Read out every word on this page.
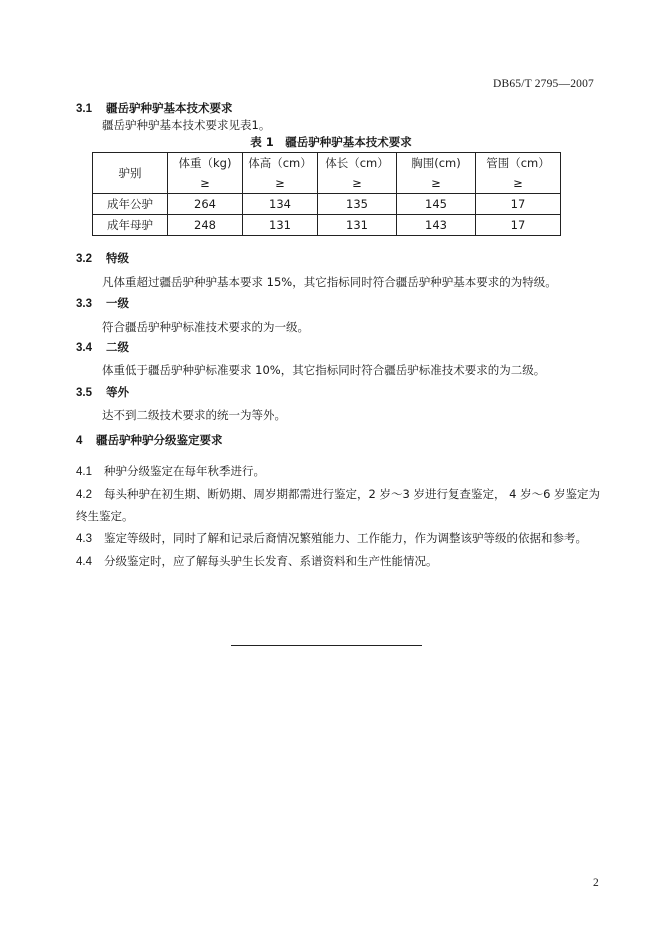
DB65/T 2795—2007
3.1 疆岳驴种驴基本技术要求
疆岳驴种驴基本技术要求见表1。
表 1　疆岳驴种驴基本技术要求
驴别	体重（kg)	体高（cm）	体长（cm）	胸围(cm)	管围（cm）
	≥	≥	≥	≥	≥
成年公驴	264	134	135	145	17
成年母驴	248	131	131	143	17
3.2 特级
凡体重超过疆岳驴种驴基本要求 15%，其它指标同时符合疆岳驴种驴基本要求的为特级。
3.3 一级
符合疆岳驴种驴标准技术要求的为一级。
3.4 二级
体重低于疆岳驴种驴标准要求 10%，其它指标同时符合疆岳驴标准技术要求的为二级。
3.5 等外
达不到二级技术要求的统一为等外。
4 疆岳驴种驴分级鉴定要求
4.1 种驴分级鉴定在每年秋季进行。
4.2 每头种驴在初生期、断奶期、周岁期都需进行鉴定，2 岁～3 岁进行复查鉴定， 4 岁～6 岁鉴定为
终生鉴定。
4.3 鉴定等级时，同时了解和记录后裔情况繁殖能力、工作能力，作为调整该驴等级的依据和参考。
4.4 分级鉴定时，应了解每头驴生长发育、系谱资料和生产性能情况。
2
